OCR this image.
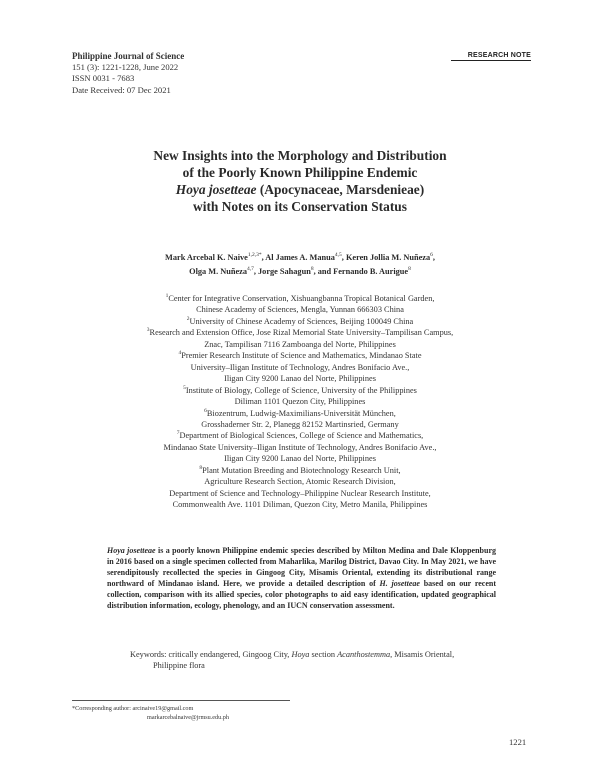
Philippine Journal of Science
151 (3): 1221-1228, June 2022
ISSN 0031 - 7683
Date Received: 07 Dec 2021
RESEARCH NOTE
New Insights into the Morphology and Distribution
of the Poorly Known Philippine Endemic
Hoya josetteae (Apocynaceae, Marsdenieae)
with Notes on its Conservation Status
Mark Arcebal K. Naive$^{1,2,3*}$, Al James A. Manua$^{4,5}$, Keren Jollia M. Nuñeza$^6$,
Olga M. Nuñeza$^{4,7}$, Jorge Sahagun$^8$, and Fernando B. Aurigue$^8$
$^1$Center for Integrative Conservation, Xishuangbanna Tropical Botanical Garden,
Chinese Academy of Sciences, Mengla, Yunnan 666303 China
$^2$University of Chinese Academy of Sciences, Beijing 100049 China
$^3$Research and Extension Office, Jose Rizal Memorial State University–Tampilisan Campus,
Znac, Tampilisan 7116 Zamboanga del Norte, Philippines
$^4$Premier Research Institute of Science and Mathematics, Mindanao State
University–Iligan Institute of Technology, Andres Bonifacio Ave.,
Iligan City 9200 Lanao del Norte, Philippines
$^5$Institute of Biology, College of Science, University of the Philippines
Diliman 1101 Quezon City, Philippines
$^6$Biozentrum, Ludwig-Maximilians-Universität München,
Grosshaderner Str. 2, Planegg 82152 Martinsried, Germany
$^7$Department of Biological Sciences, College of Science and Mathematics,
Mindanao State University–Iligan Institute of Technology, Andres Bonifacio Ave.,
Iligan City 9200 Lanao del Norte, Philippines
$^8$Plant Mutation Breeding and Biotechnology Research Unit,
Agriculture Research Section, Atomic Research Division,
Department of Science and Technology–Philippine Nuclear Research Institute,
Commonwealth Ave. 1101 Diliman, Quezon City, Metro Manila, Philippines
Hoya josetteae is a poorly known Philippine endemic species described by Milton Medina and Dale Kloppenburg in 2016 based on a single specimen collected from Maharlika, Marilog District, Davao City. In May 2021, we have serendipitously recollected the species in Gingoog City, Misamis Oriental, extending its distributional range northward of Mindanao island. Here, we provide a detailed description of H. josetteae based on our recent collection, comparison with its allied species, color photographs to aid easy identification, updated geographical distribution information, ecology, phenology, and an IUCN conservation assessment.
Keywords: critically endangered, Gingoog City, Hoya section Acanthostemma, Misamis Oriental,
Philippine flora
*Corresponding author: arcinaive19@gmail.com
markarcebalnaive@jrmsu.edu.ph
1221
